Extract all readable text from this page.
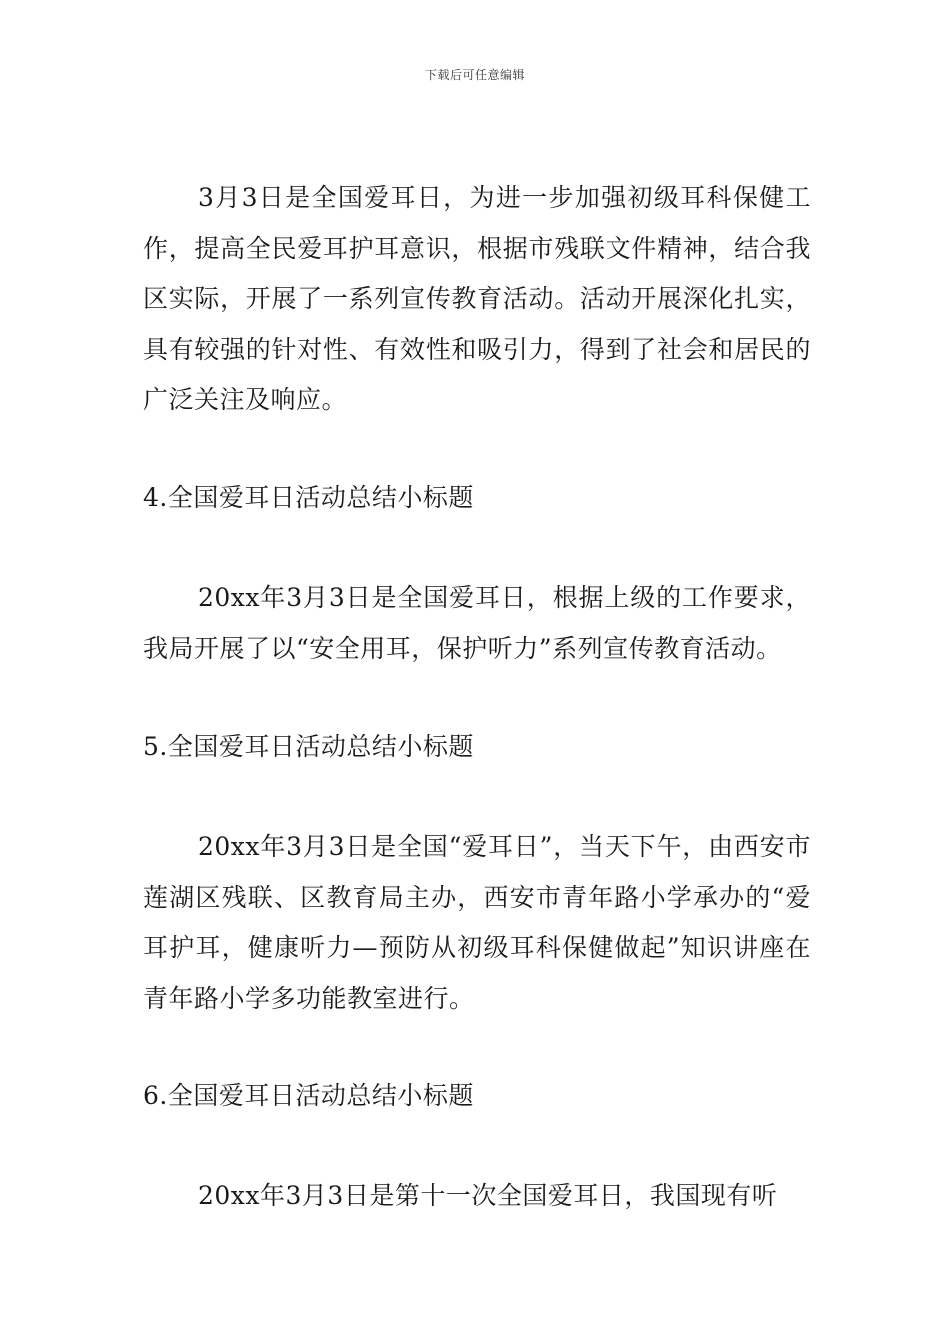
下载后可任意编辑

3月3日是全国爱耳日，为进一步加强初级耳科保健工作，提高全民爱耳护耳意识，根据市残联文件精神，结合我区实际，开展了一系列宣传教育活动。活动开展深化扎实，具有较强的针对性、有效性和吸引力，得到了社会和居民的广泛关注及响应。

4.全国爱耳日活动总结小标题

20xx年3月3日是全国爱耳日，根据上级的工作要求，我局开展了以“安全用耳，保护听力”系列宣传教育活动。

5.全国爱耳日活动总结小标题

20xx年3月3日是全国“爱耳日”，当天下午，由西安市莲湖区残联、区教育局主办，西安市青年路小学承办的“爱耳护耳，健康听力—预防从初级耳科保健做起”知识讲座在青年路小学多功能教室进行。

6.全国爱耳日活动总结小标题

20xx年3月3日是第十一次全国爱耳日，我国现有听
